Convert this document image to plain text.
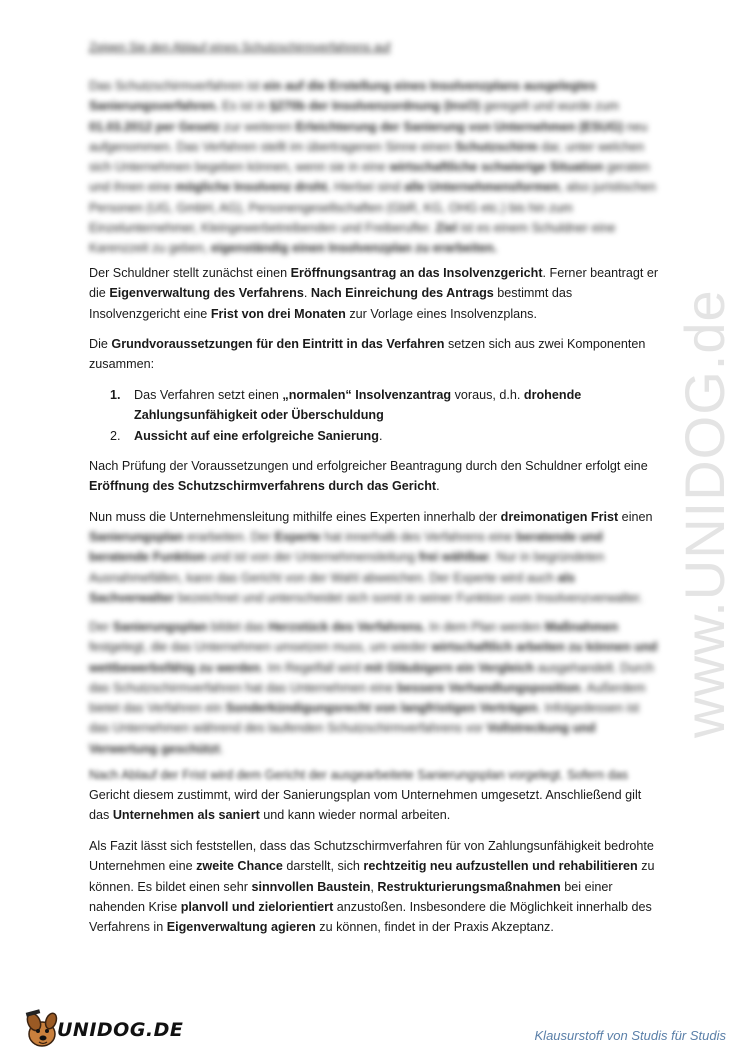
www.UNIDOG.de
Zeigen Sie den Ablauf eines Schutzschirmverfahrens auf
Das Schutzschirmverfahren ist ein auf die Erstellung eines Insolvenzplans ausgelegtes Sanierungsverfahren. Es ist in §270b der Insolvenzordnung (InsO) geregelt und wurde zum 01.03.2012 per Gesetz zur weiteren Erleichterung der Sanierung von Unternehmen (ESUG) neu aufgenommen. Das Verfahren stellt im übertragenen Sinne einen Schutzschirm dar, unter welchen sich Unternehmen begeben können, wenn sie in eine wirtschaftliche schwierige Situation geraten und ihnen eine mögliche Insolvenz droht. Hierbei sind alle Unternehmensformen, also juristischen Personen (UG, GmbH, AG), Personengesellschaften (GbR, KG, OHG etc.) bis hin zum Einzelunternehmer, Kleingewerbetreibenden und Freiberufler. Ziel ist es einem Schuldner eine Karenzzeit zu geben, eigenständig einen Insolvenzplan zu erarbeiten.
Der Schuldner stellt zunächst einen Eröffnungsantrag an das Insolvenzgericht. Ferner beantragt er die Eigenverwaltung des Verfahrens. Nach Einreichung des Antrags bestimmt das Insolvenzgericht eine Frist von drei Monaten zur Vorlage eines Insolvenzplans.
Die Grundvoraussetzungen für den Eintritt in das Verfahren setzen sich aus zwei Komponenten zusammen:
1. Das Verfahren setzt einen „normalen“ Insolvenzantrag voraus, d.h. drohende Zahlungsunfähigkeit oder Überschuldung
2. Aussicht auf eine erfolgreiche Sanierung.
Nach Prüfung der Voraussetzungen und erfolgreicher Beantragung durch den Schuldner erfolgt eine Eröffnung des Schutzschirmverfahrens durch das Gericht.
Nun muss die Unternehmensleitung mithilfe eines Experten innerhalb der dreimonatigen Frist einen
Sanierungsplan erarbeiten. Der Experte hat innerhalb des Verfahrens eine beratende und beratende Funktion und ist von der Unternehmensleitung frei wählbar. Nur in begründeten Ausnahmefällen, kann das Gericht von der Wahl abweichen. Der Experte wird auch als Sachverwalter bezeichnet und unterscheidet sich somit in seiner Funktion vom Insolvenzverwalter.
Der Sanierungsplan bildet das Herzstück des Verfahrens. In dem Plan werden Maßnahmen festgelegt, die das Unternehmen umsetzen muss, um wieder wirtschaftlich arbeiten zu können und wettbewerbsfähig zu werden. Im Regelfall wird mit Gläubigern ein Vergleich ausgehandelt. Durch das Schutzschirmverfahren hat das Unternehmen eine bessere Verhandlungsposition. Außerdem bietet das Verfahren ein Sonderkündigungsrecht von langfristigen Verträgen. Infolgedessen ist das Unternehmen während des laufenden Schutzschirmverfahrens vor Vollstreckung und Verwertung geschützt.
Nach Ablauf der Frist wird dem Gericht der ausgearbeitete Sanierungsplan vorgelegt. Sofern das
Gericht diesem zustimmt, wird der Sanierungsplan vom Unternehmen umgesetzt. Anschließend gilt das Unternehmen als saniert und kann wieder normal arbeiten.
Als Fazit lässt sich feststellen, dass das Schutzschirmverfahren für von Zahlungsunfähigkeit bedrohte Unternehmen eine zweite Chance darstellt, sich rechtzeitig neu aufzustellen und rehabilitieren zu können. Es bildet einen sehr sinnvollen Baustein, Restrukturierungsmaßnahmen bei einer nahenden Krise planvoll und zielorientiert anzustoßen. Insbesondere die Möglichkeit innerhalb des Verfahrens in Eigenverwaltung agieren zu können, findet in der Praxis Akzeptanz.
UNIDOG.DE	Klausurstoff von Studis für Studis
